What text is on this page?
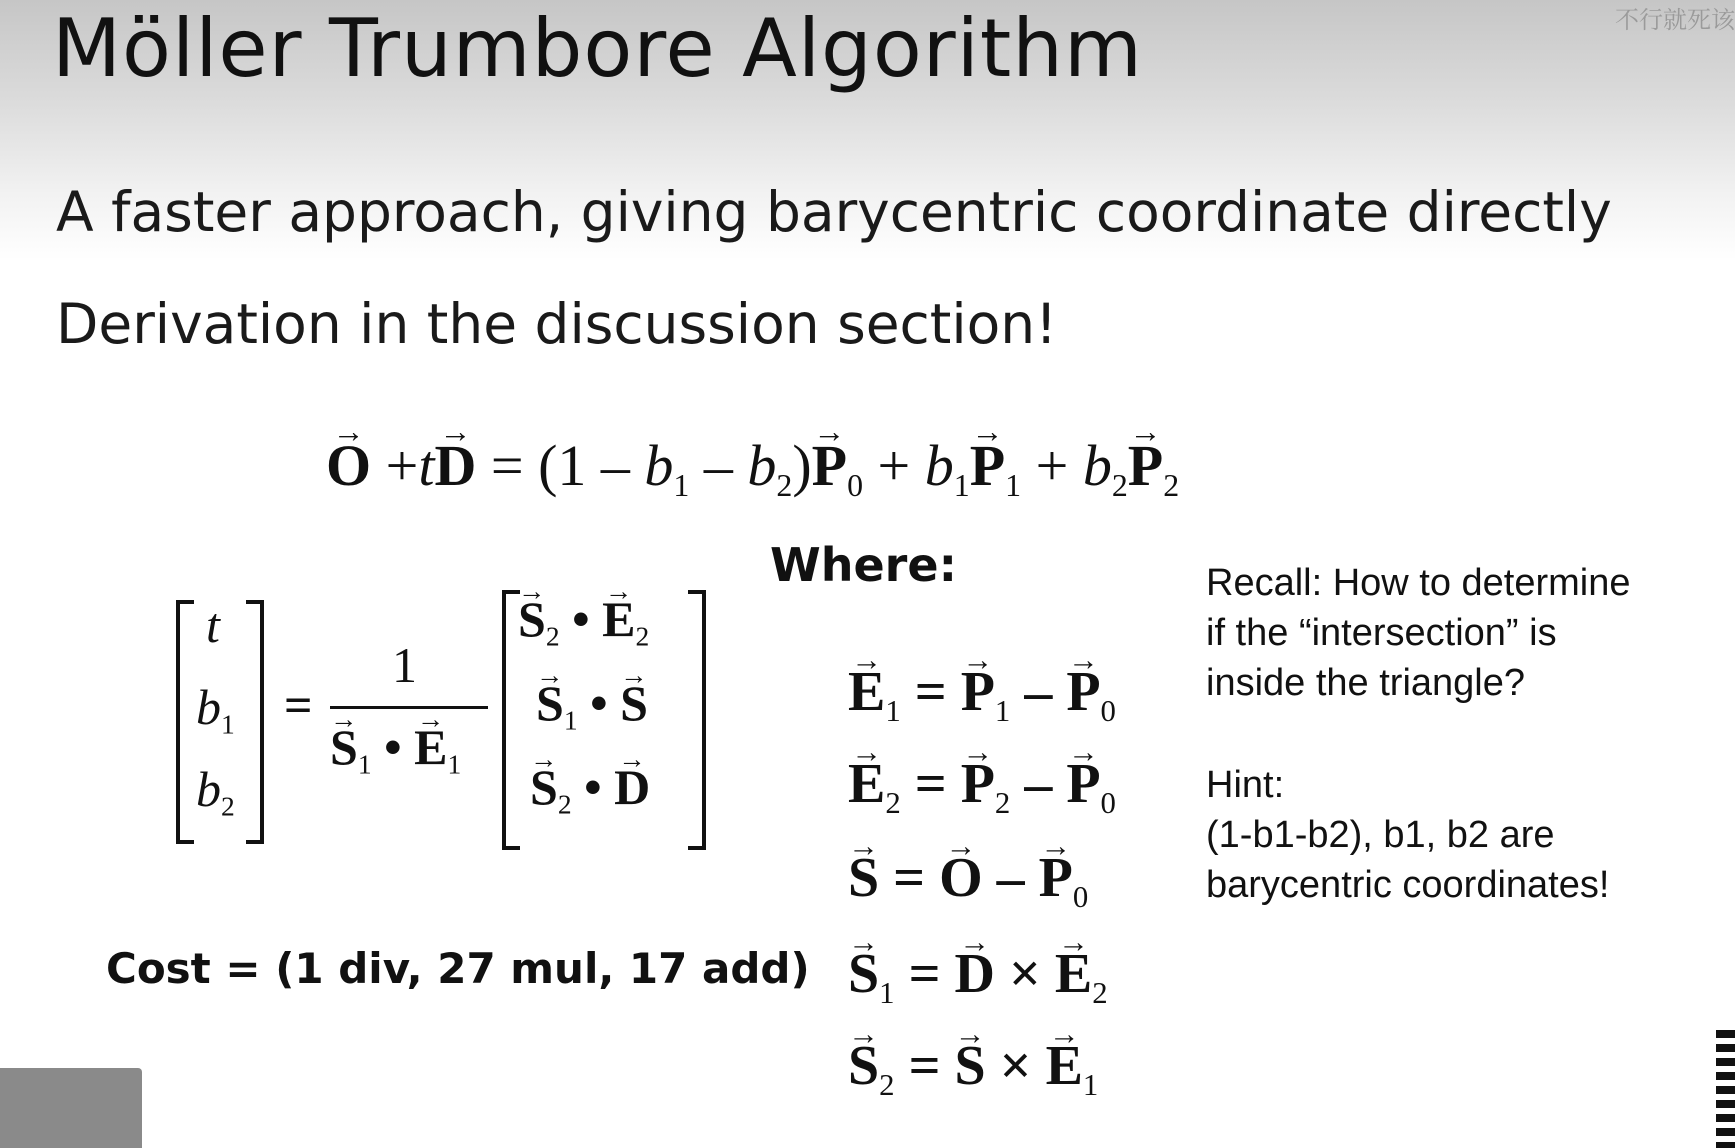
Möller Trumbore Algorithm	不行就死该
A faster approach, giving barycentric coordinate directly
Derivation in the discussion section!
→ $O +t\to D = (1 - b_1 - b_2)\to P_0 + b_1\to P_1 + b_2\to P_2$
t
$b_1$
$b_2$
=
1
→ $S_1$ • → $E_1$
→ $S_2$ • → $E_2$
→ $S_1$ • → S
→ $S_2$ • → D
Where:
→ $E_1$ = → $P_1$ – → $P_0$
→ $E_2$ = → $P_2$ – → $P_0$
→ S = → O – → $P_0$
→ $S_1$ = → D × → $E_2$
→ $S_2$ = → S × → $E_1$
Cost = (1 div, 27 mul, 17 add)
Recall: How to determine
if the “intersection” is
inside the triangle?
Hint:
(1-b1-b2), b1, b2 are
barycentric coordinates!
